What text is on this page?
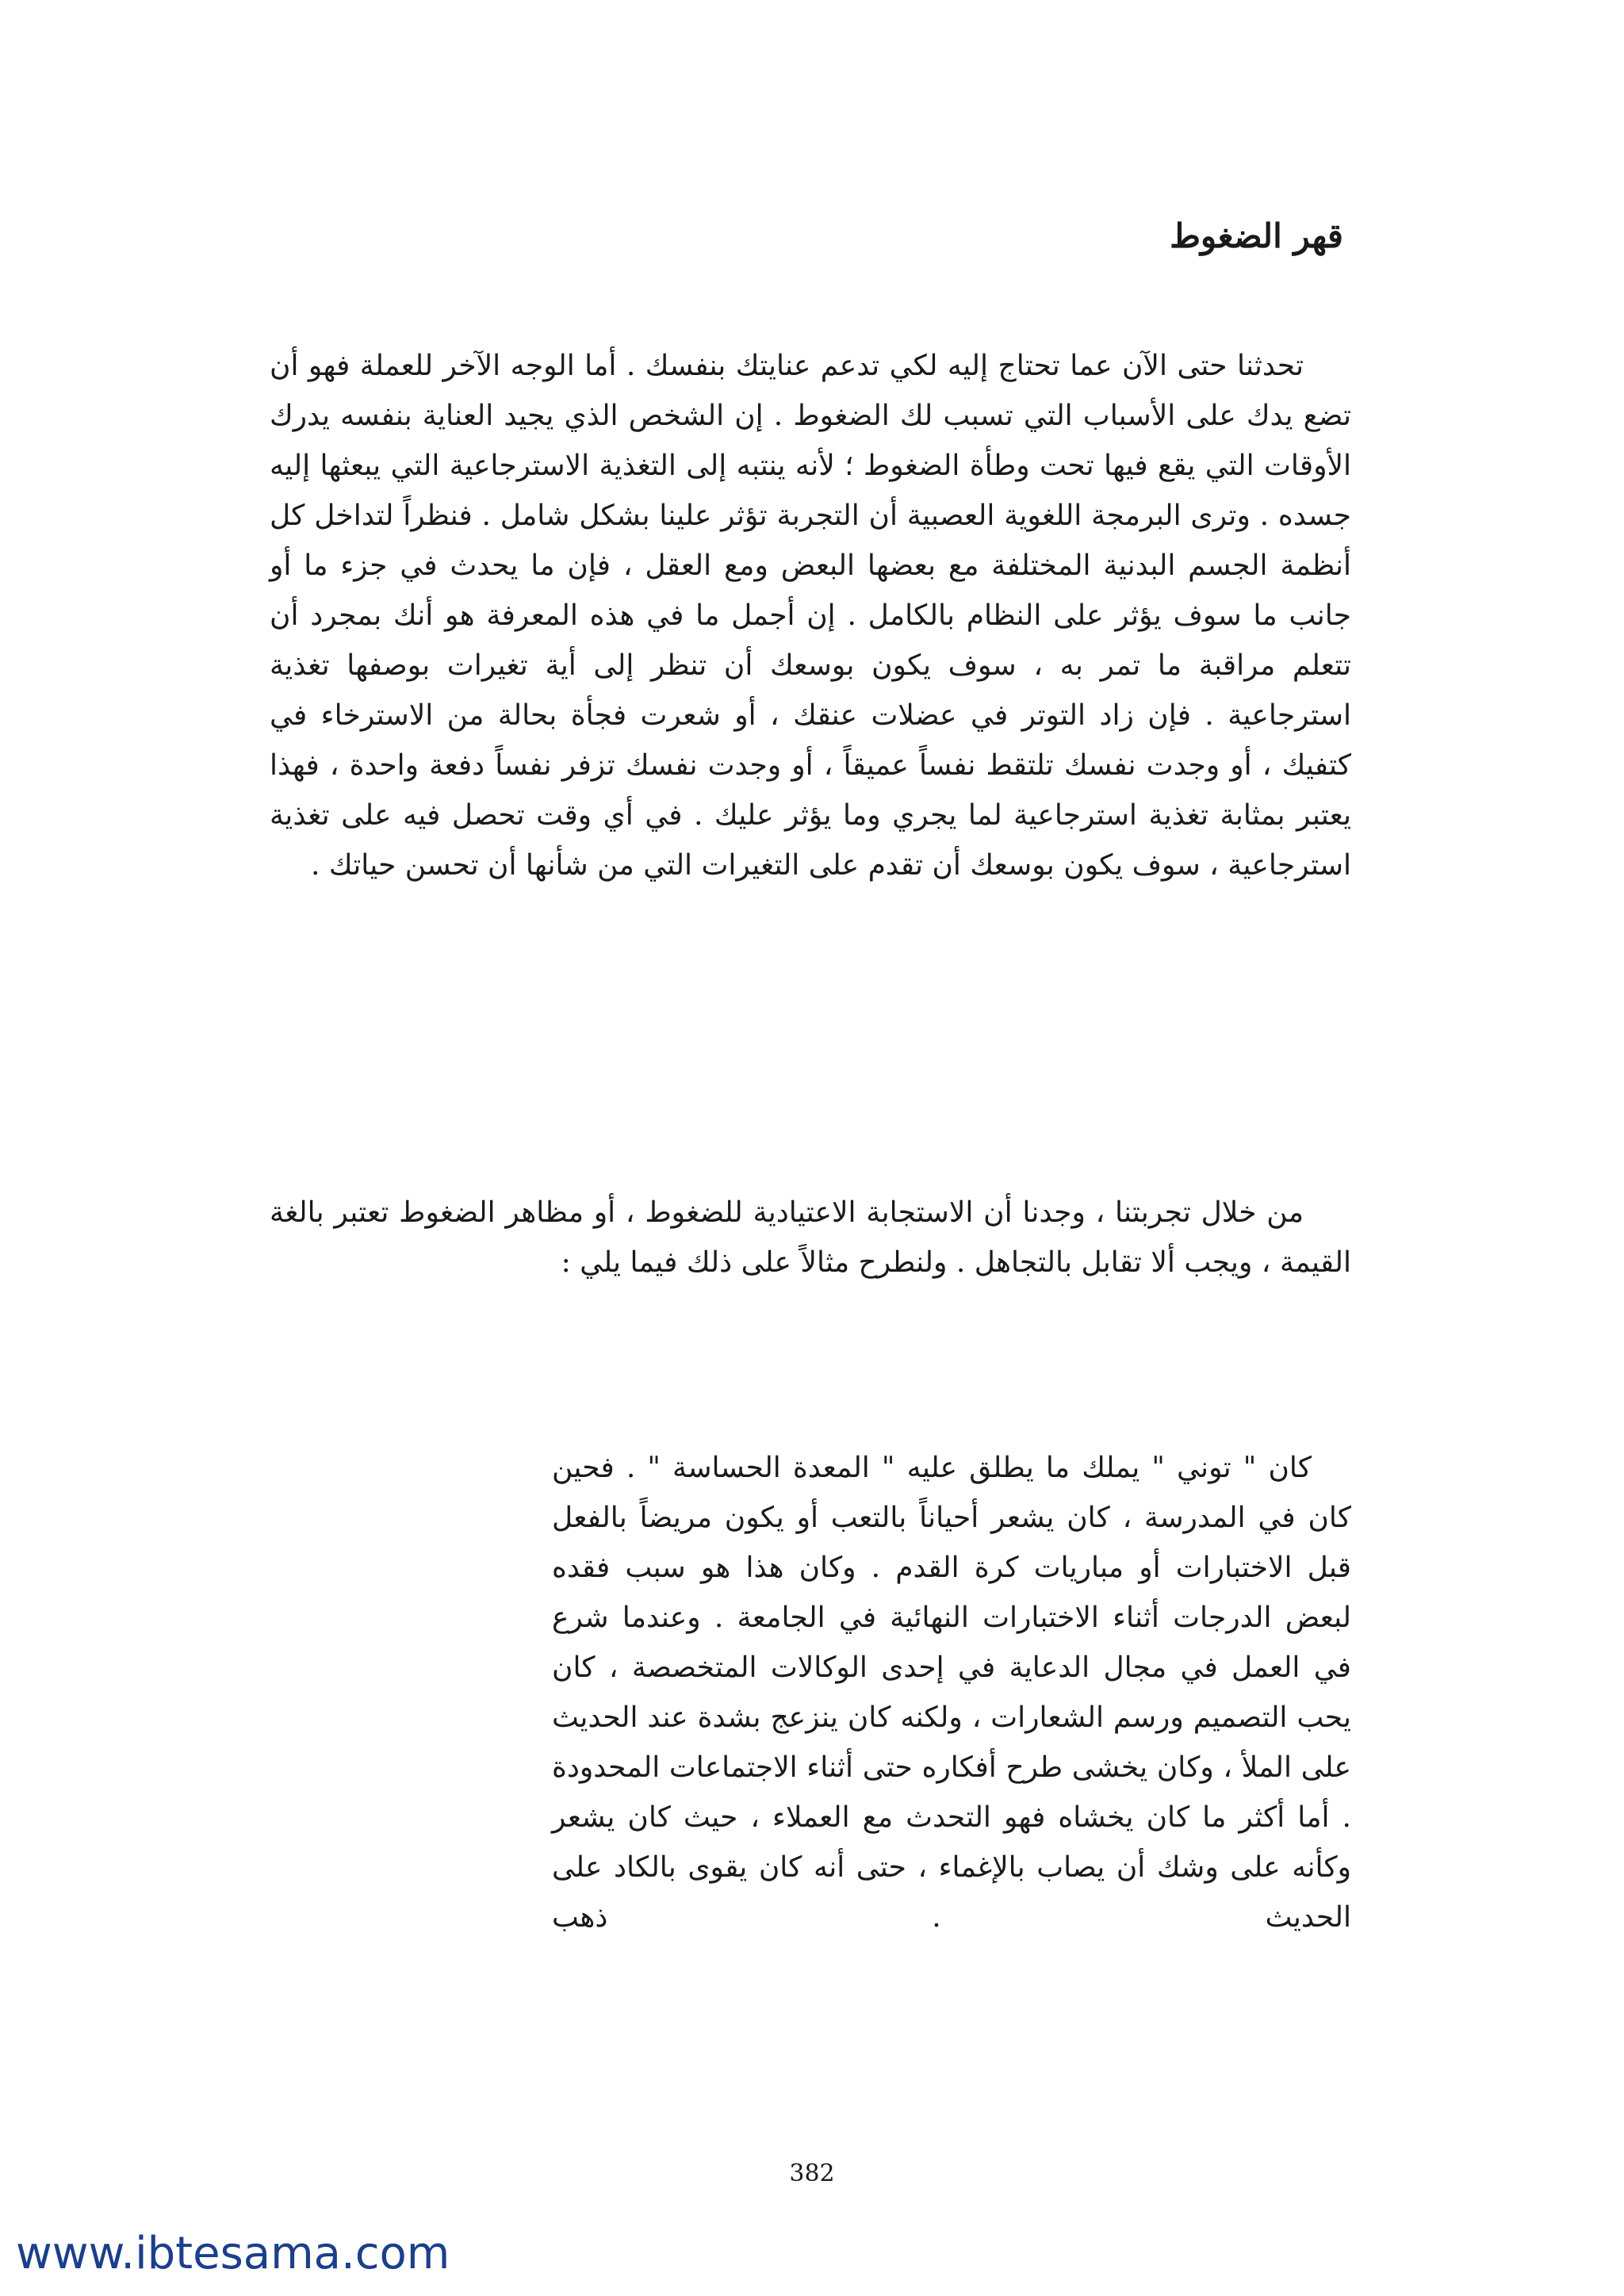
قهر الضغوط

تحدثنا حتى الآن عما تحتاج إليه لكي تدعم عنايتك بنفسك . أما الوجه الآخر للعملة فهو أن تضع يدك على الأسباب التي تسبب لك الضغوط . إن الشخص الذي يجيد العناية بنفسه يدرك الأوقات التي يقع فيها تحت وطأة الضغوط ؛ لأنه ينتبه إلى التغذية الاسترجاعية التي يبعثها إليه جسده . وترى البرمجة اللغوية العصبية أن التجربة تؤثر علينا بشكل شامل . فنظراً لتداخل كل أنظمة الجسم البدنية المختلفة مع بعضها البعض ومع العقل ، فإن ما يحدث في جزء ما أو جانب ما سوف يؤثر على النظام بالكامل . إن أجمل ما في هذه المعرفة هو أنك بمجرد أن تتعلم مراقبة ما تمر به ، سوف يكون بوسعك أن تنظر إلى أية تغيرات بوصفها تغذية استرجاعية . فإن زاد التوتر في عضلات عنقك ، أو شعرت فجأة بحالة من الاسترخاء في كتفيك ، أو وجدت نفسك تلتقط نفساً عميقاً ، أو وجدت نفسك تزفر نفساً دفعة واحدة ، فهذا يعتبر بمثابة تغذية استرجاعية لما يجري وما يؤثر عليك . في أي وقت تحصل فيه على تغذية استرجاعية ، سوف يكون بوسعك أن تقدم على التغيرات التي من شأنها أن تحسن حياتك .

من خلال تجربتنا ، وجدنا أن الاستجابة الاعتيادية للضغوط ، أو مظاهر الضغوط تعتبر بالغة القيمة ، ويجب ألا تقابل بالتجاهل . ولنطرح مثالاً على ذلك فيما يلي :

كان " توني " يملك ما يطلق عليه " المعدة الحساسة " . فحين كان في المدرسة ، كان يشعر أحياناً بالتعب أو يكون مريضاً بالفعل قبل الاختبارات أو مباريات كرة القدم . وكان هذا هو سبب فقده لبعض الدرجات أثناء الاختبارات النهائية في الجامعة . وعندما شرع في العمل في مجال الدعاية في إحدى الوكالات المتخصصة ، كان يحب التصميم ورسم الشعارات ، ولكنه كان ينزعج بشدة عند الحديث على الملأ ، وكان يخشى طرح أفكاره حتى أثناء الاجتماعات المحدودة . أما أكثر ما كان يخشاه فهو التحدث مع العملاء ، حيث كان يشعر وكأنه على وشك أن يصاب بالإغماء ، حتى أنه كان يقوى بالكاد على الحديث . ذهب

382
www.ibtesama.com
